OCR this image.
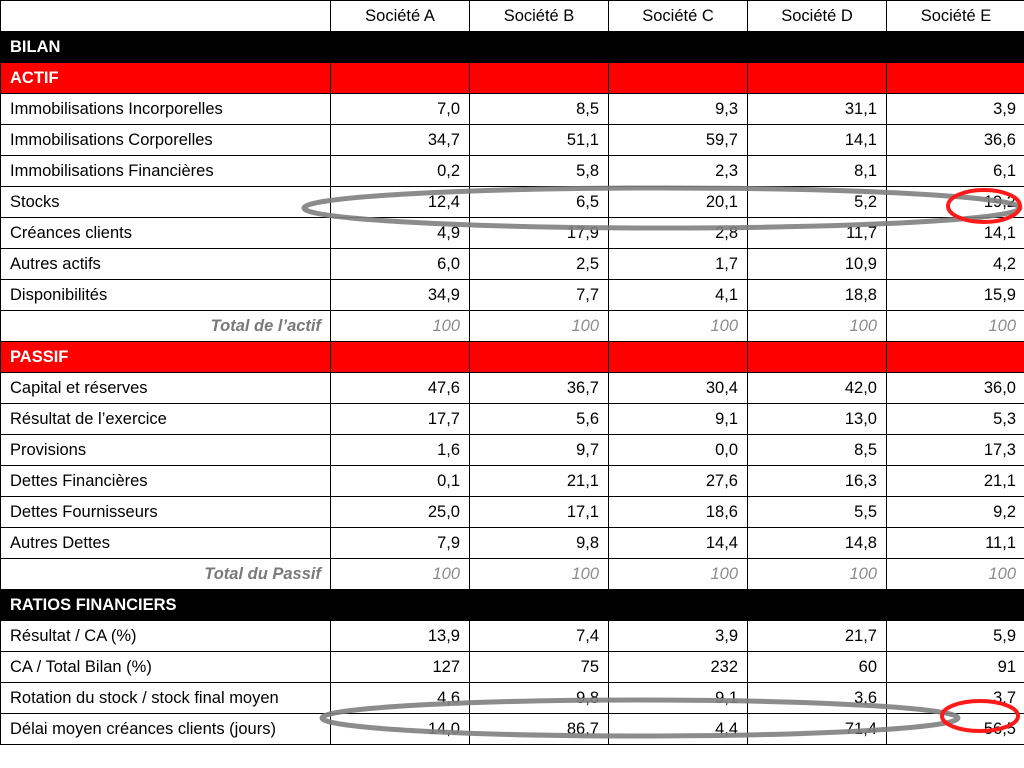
	Société A	Société B	Société C	Société D	Société E
BILAN					
ACTIF					
Immobilisations Incorporelles	7,0	8,5	9,3	31,1	3,9
Immobilisations Corporelles	34,7	51,1	59,7	14,1	36,6
Immobilisations Financières	0,2	5,8	2,3	8,1	6,1
Stocks	12,4	6,5	20,1	5,2	19,2
Créances clients	4,9	17,9	2,8	11,7	14,1
Autres actifs	6,0	2,5	1,7	10,9	4,2
Disponibilités	34,9	7,7	4,1	18,8	15,9
Total de l’actif	100	100	100	100	100
PASSIF					
Capital et réserves	47,6	36,7	30,4	42,0	36,0
Résultat de l’exercice	17,7	5,6	9,1	13,0	5,3
Provisions	1,6	9,7	0,0	8,5	17,3
Dettes Financières	0,1	21,1	27,6	16,3	21,1
Dettes Fournisseurs	25,0	17,1	18,6	5,5	9,2
Autres Dettes	7,9	9,8	14,4	14,8	11,1
Total du Passif	100	100	100	100	100
RATIOS FINANCIERS					
Résultat / CA (%)	13,9	7,4	3,9	21,7	5,9
CA / Total Bilan (%)	127	75	232	60	91
Rotation du stock / stock final moyen	4,6	9,8	9,1	3,6	3,7
Délai moyen créances clients (jours)	14,0	86,7	4,4	71,4	56,5
